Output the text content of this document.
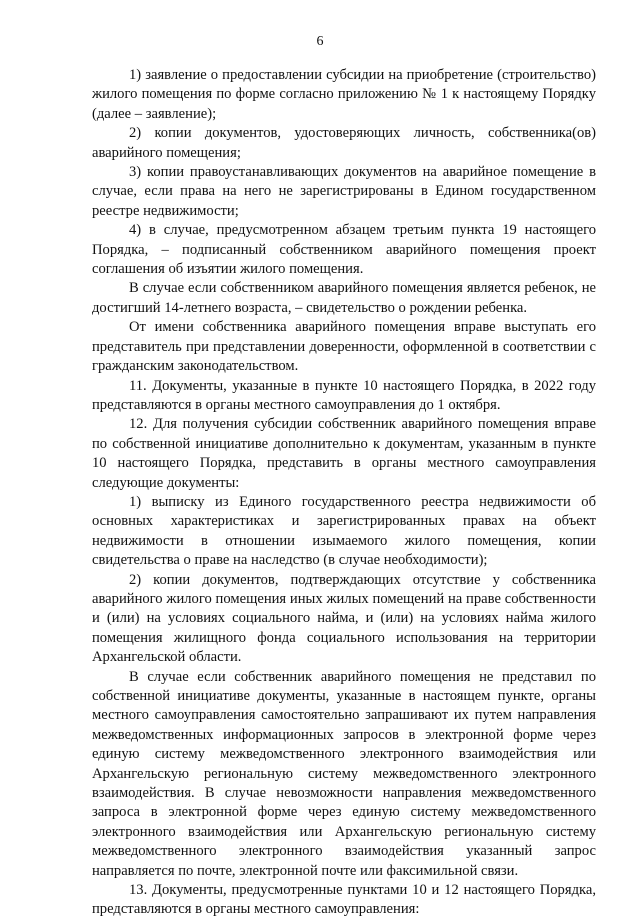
6

1) заявление о предоставлении субсидии на приобретение (строительство) жилого помещения по форме согласно приложению № 1 к настоящему Порядку (далее – заявление);

2) копии документов, удостоверяющих личность, собственника(ов) аварийного помещения;

3) копии правоустанавливающих документов на аварийное помещение в случае, если права на него не зарегистрированы в Едином государственном реестре недвижимости;

4) в случае, предусмотренном абзацем третьим пункта 19 настоящего Порядка, – подписанный собственником аварийного помещения проект соглашения об изъятии жилого помещения.

В случае если собственником аварийного помещения является ребенок, не достигший 14-летнего возраста, – свидетельство о рождении ребенка.

От имени собственника аварийного помещения вправе выступать его представитель при представлении доверенности, оформленной в соответствии с гражданским законодательством.

11. Документы, указанные в пункте 10 настоящего Порядка, в 2022 году представляются в органы местного самоуправления до 1 октября.

12. Для получения субсидии собственник аварийного помещения вправе по собственной инициативе дополнительно к документам, указанным в пункте 10 настоящего Порядка, представить в органы местного самоуправления следующие документы:

1) выписку из Единого государственного реестра недвижимости об основных характеристиках и зарегистрированных правах на объект недвижимости в отношении изымаемого жилого помещения, копии свидетельства о праве на наследство (в случае необходимости);

2) копии документов, подтверждающих отсутствие у собственника аварийного жилого помещения иных жилых помещений на праве собственности и (или) на условиях социального найма, и (или) на условиях найма жилого помещения жилищного фонда социального использования на территории Архангельской области.

В случае если собственник аварийного помещения не представил по собственной инициативе документы, указанные в настоящем пункте, органы местного самоуправления самостоятельно запрашивают их путем направления межведомственных информационных запросов в электронной форме через единую систему межведомственного электронного взаимодействия или Архангельскую региональную систему межведомственного электронного взаимодействия. В случае невозможности направления межведомственного запроса в электронной форме через единую систему межведомственного электронного взаимодействия или Архангельскую региональную систему межведомственного электронного взаимодействия указанный запрос направляется по почте, электронной почте или факсимильной связи.

13. Документы, предусмотренные пунктами 10 и 12 настоящего Порядка, представляются в органы местного самоуправления:
